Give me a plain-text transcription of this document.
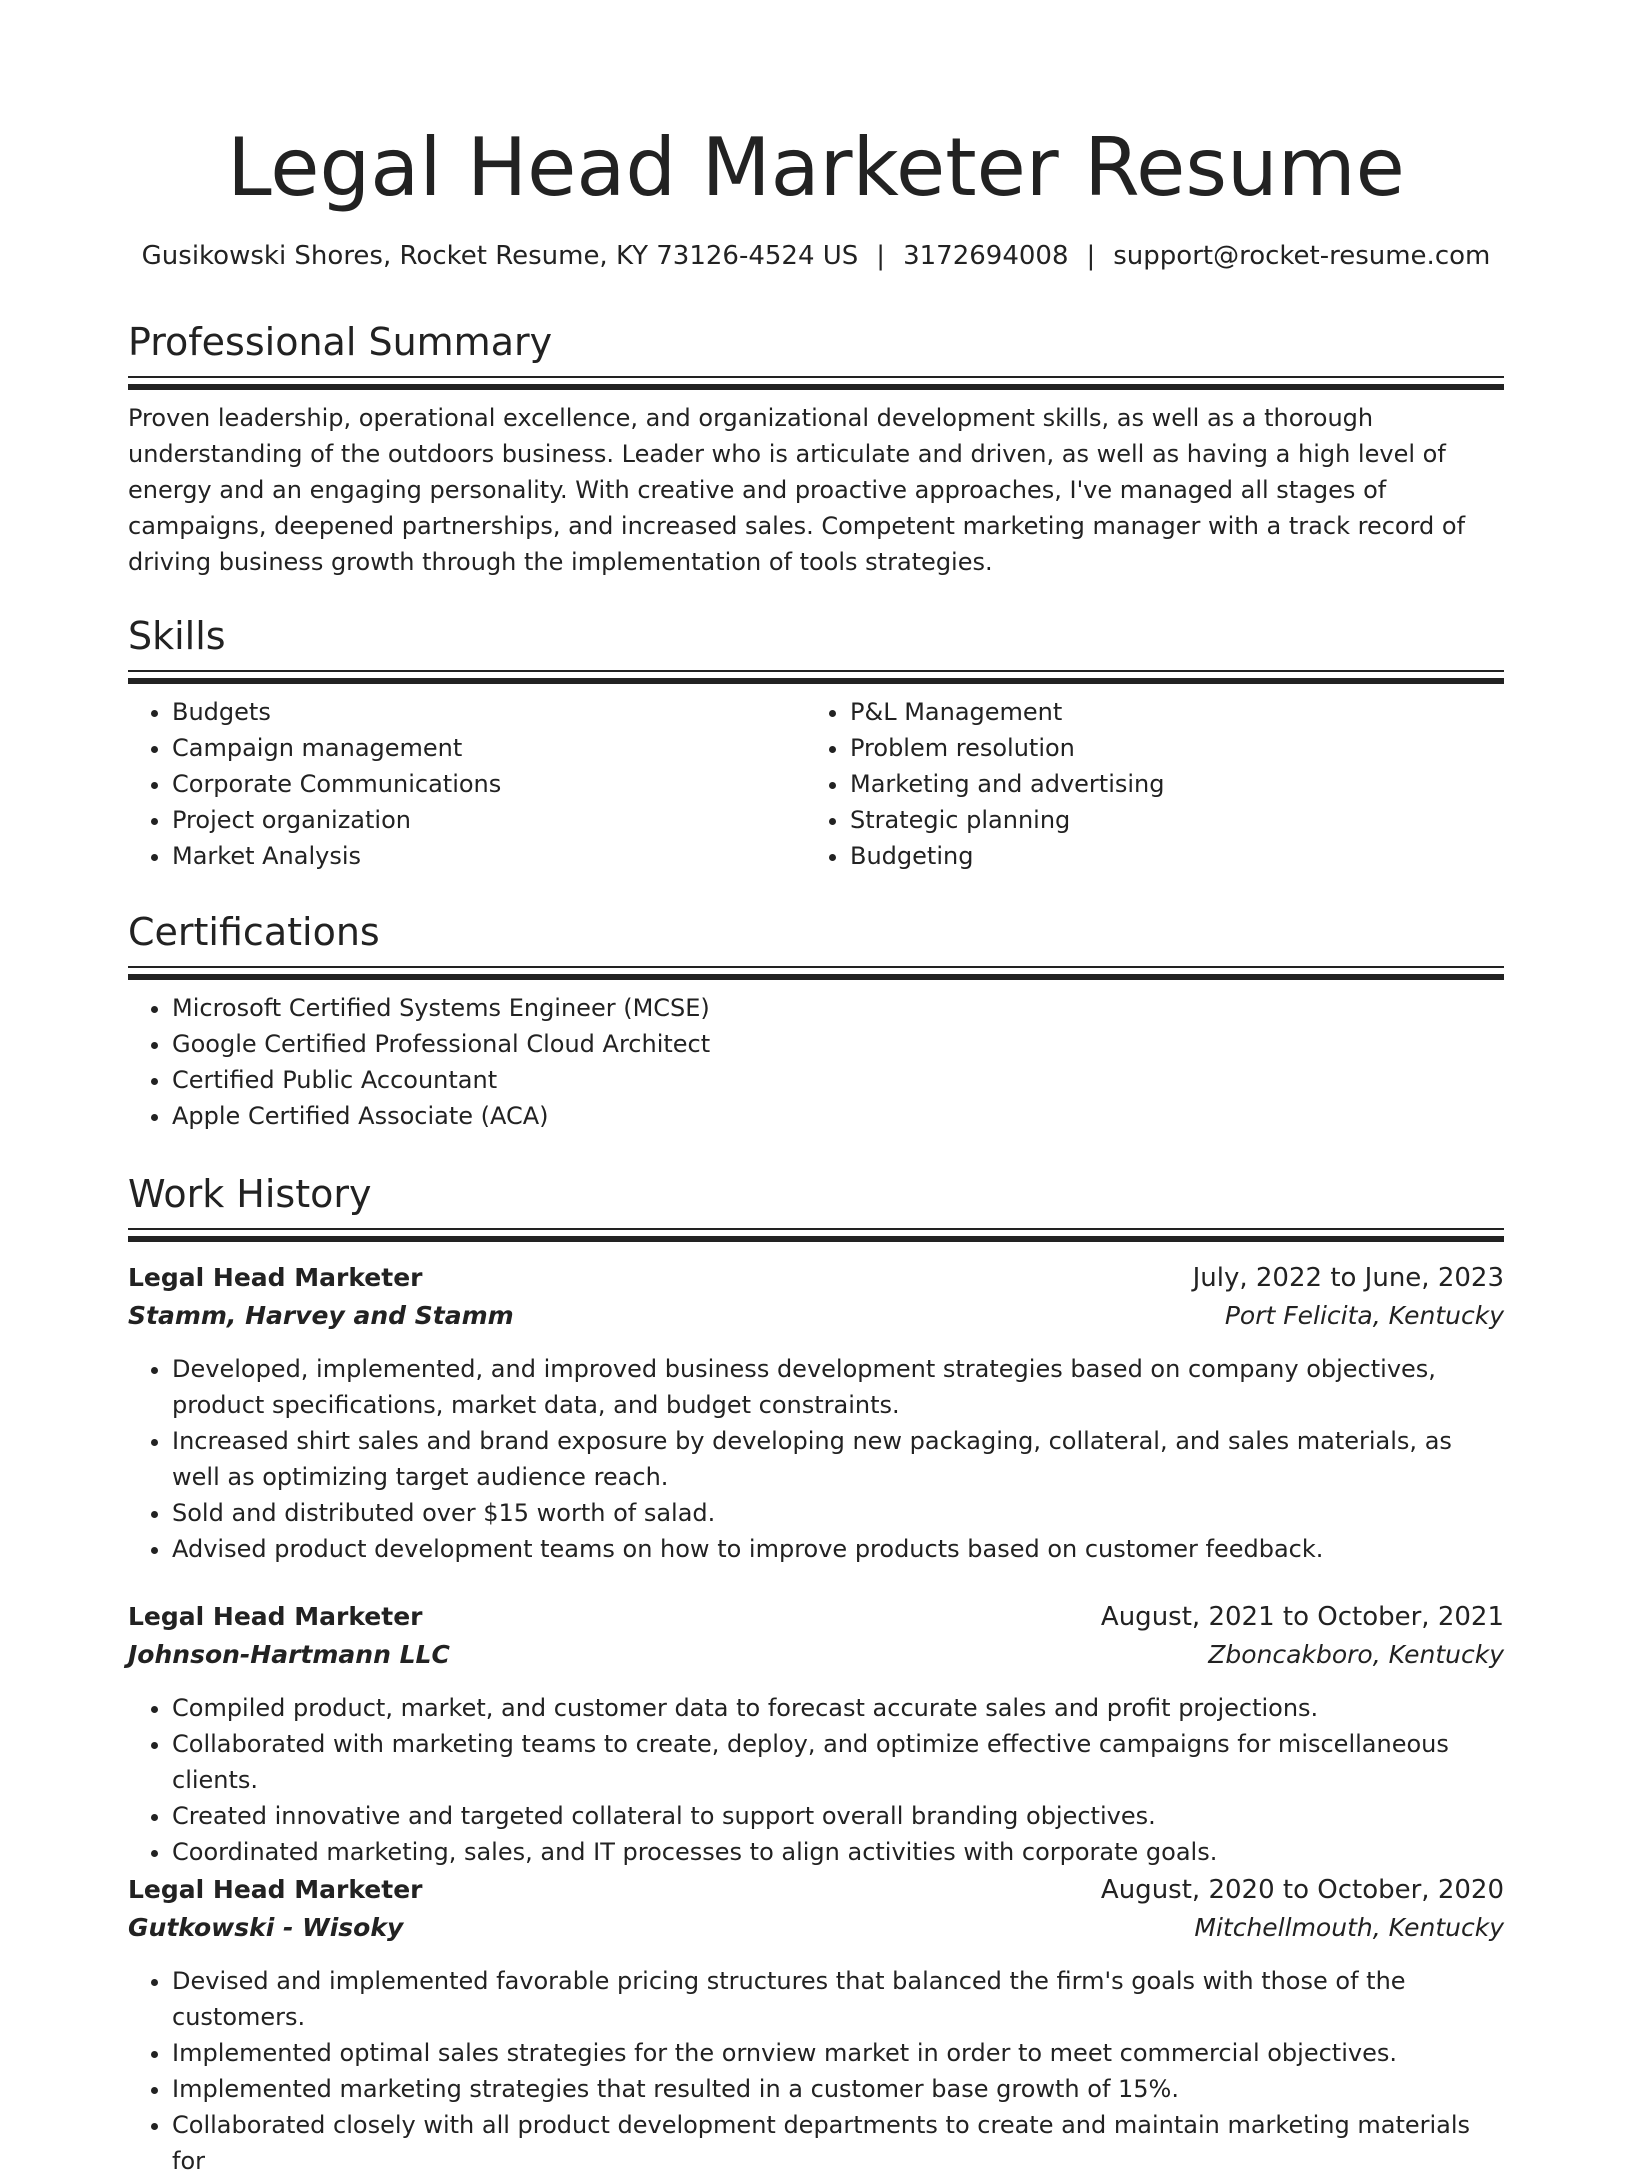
Legal Head Marketer Resume
Gusikowski Shores, Rocket Resume, KY 73126-4524 US | 3172694008 | support@rocket-resume.com
Professional Summary

Proven leadership, operational excellence, and organizational development skills, as well as a thorough understanding of the outdoors business. Leader who is articulate and driven, as well as having a high level of energy and an engaging personality. With creative and proactive approaches, I've managed all stages of campaigns, deepened partnerships, and increased sales. Competent marketing manager with a track record of driving business growth through the implementation of tools strategies.

Skills
• Budgets
• Campaign management
• Corporate Communications
• Project organization
• Market Analysis
• P&L Management
• Problem resolution
• Marketing and advertising
• Strategic planning
• Budgeting
Certifications
• Microsoft Certified Systems Engineer (MCSE)
• Google Certified Professional Cloud Architect
• Certified Public Accountant
• Apple Certified Associate (ACA)
Work History
Legal Head Marketer	July, 2022 to June, 2023
Stamm, Harvey and Stamm	Port Felicita, Kentucky
• Developed, implemented, and improved business development strategies based on company objectives, product specifications, market data, and budget constraints.
• Increased shirt sales and brand exposure by developing new packaging, collateral, and sales materials, as well as optimizing target audience reach.
• Sold and distributed over $15 worth of salad.
• Advised product development teams on how to improve products based on customer feedback.
Legal Head Marketer	August, 2021 to October, 2021
Johnson-Hartmann LLC	Zboncakboro, Kentucky
• Compiled product, market, and customer data to forecast accurate sales and profit projections.
• Collaborated with marketing teams to create, deploy, and optimize effective campaigns for miscellaneous clients.
• Created innovative and targeted collateral to support overall branding objectives.
• Coordinated marketing, sales, and IT processes to align activities with corporate goals.
Legal Head Marketer	August, 2020 to October, 2020
Gutkowski - Wisoky	Mitchellmouth, Kentucky
• Devised and implemented favorable pricing structures that balanced the firm's goals with those of the customers.
• Implemented optimal sales strategies for the ornview market in order to meet commercial objectives.
• Implemented marketing strategies that resulted in a customer base growth of 15%.
• Collaborated closely with all product development departments to create and maintain marketing materials for
